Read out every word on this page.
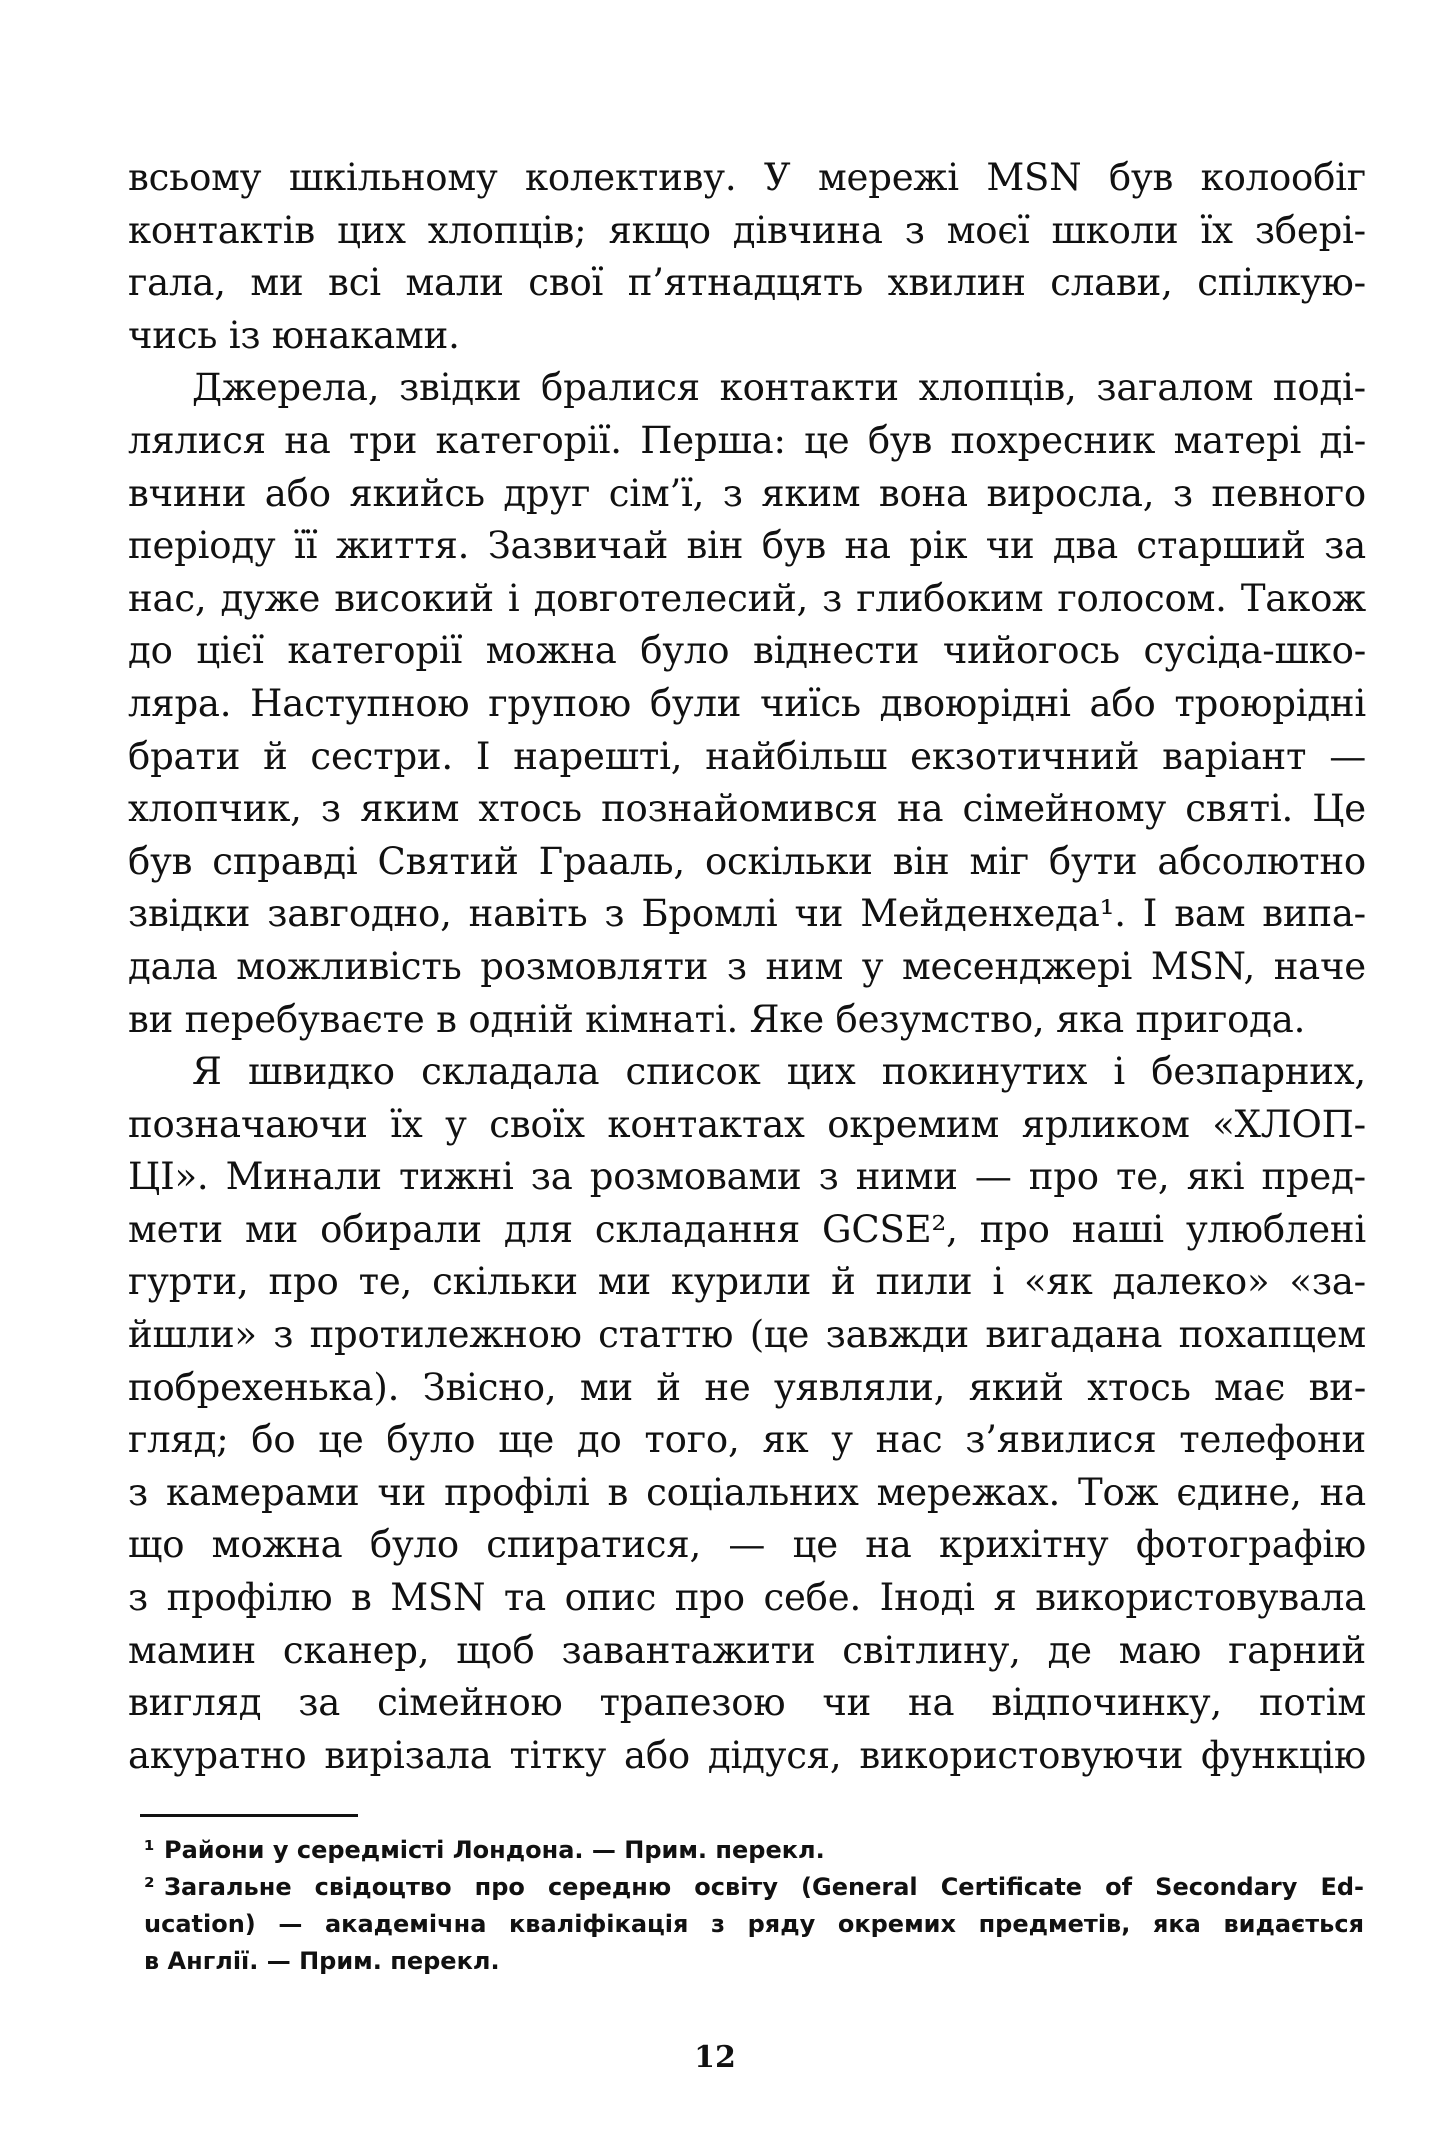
всьому шкільному колективу. У мережі MSN був колообіг
контактів цих хлопців; якщо дівчина з моєї школи їх збері-
гала, ми всі мали свої п’ятнадцять хвилин слави, спілкую-
чись із юнаками.

Джерела, звідки бралися контакти хлопців, загалом поді-
лялися на три категорії. Перша: це був похресник матері ді-
вчини або якийсь друг сім’ї, з яким вона виросла, з певного
періоду її життя. Зазвичай він був на рік чи два старший за
нас, дуже високий і довготелесий, з глибоким голосом. Також
до цієї категорії можна було віднести чийогось сусіда-шко-
ляра. Наступною групою були чиїсь двоюрідні або троюрідні
брати й сестри. І нарешті, найбільш екзотичний варіант —
хлопчик, з яким хтось познайомився на сімейному святі. Це
був справді Святий Грааль, оскільки він міг бути абсолютно
звідки завгодно, навіть з Бромлі чи Мейденхеда¹. І вам випа-
дала можливість розмовляти з ним у месенджері MSN, наче
ви перебуваєте в одній кімнаті. Яке безумство, яка пригода.

Я швидко складала список цих покинутих і безпарних,
позначаючи їх у своїх контактах окремим ярликом «ХЛОП-
ЦІ». Минали тижні за розмовами з ними — про те, які пред-
мети ми обирали для складання GCSE², про наші улюблені
гурти, про те, скільки ми курили й пили і «як далеко» «за-
йшли» з протилежною статтю (це завжди вигадана похапцем
побрехенька). Звісно, ми й не уявляли, який хтось має ви-
гляд; бо це було ще до того, як у нас з’явилися телефони
з камерами чи профілі в соціальних мережах. Тож єдине, на
що можна було спиратися, — це на крихітну фотографію
з профілю в MSN та опис про себе. Іноді я використовувала
мамин сканер, щоб завантажити світлину, де маю гарний
вигляд за сімейною трапезою чи на відпочинку, потім
акуратно вирізала тітку або дідуся, використовуючи функцію

¹ Райони у середмісті Лондона. — Прим. перекл.

² Загальне свідоцтво про середню освіту (General Certificate of Secondary Ed-
ucation) — академічна кваліфікація з ряду окремих предметів, яка видається
в Англії. — Прим. перекл.

12
